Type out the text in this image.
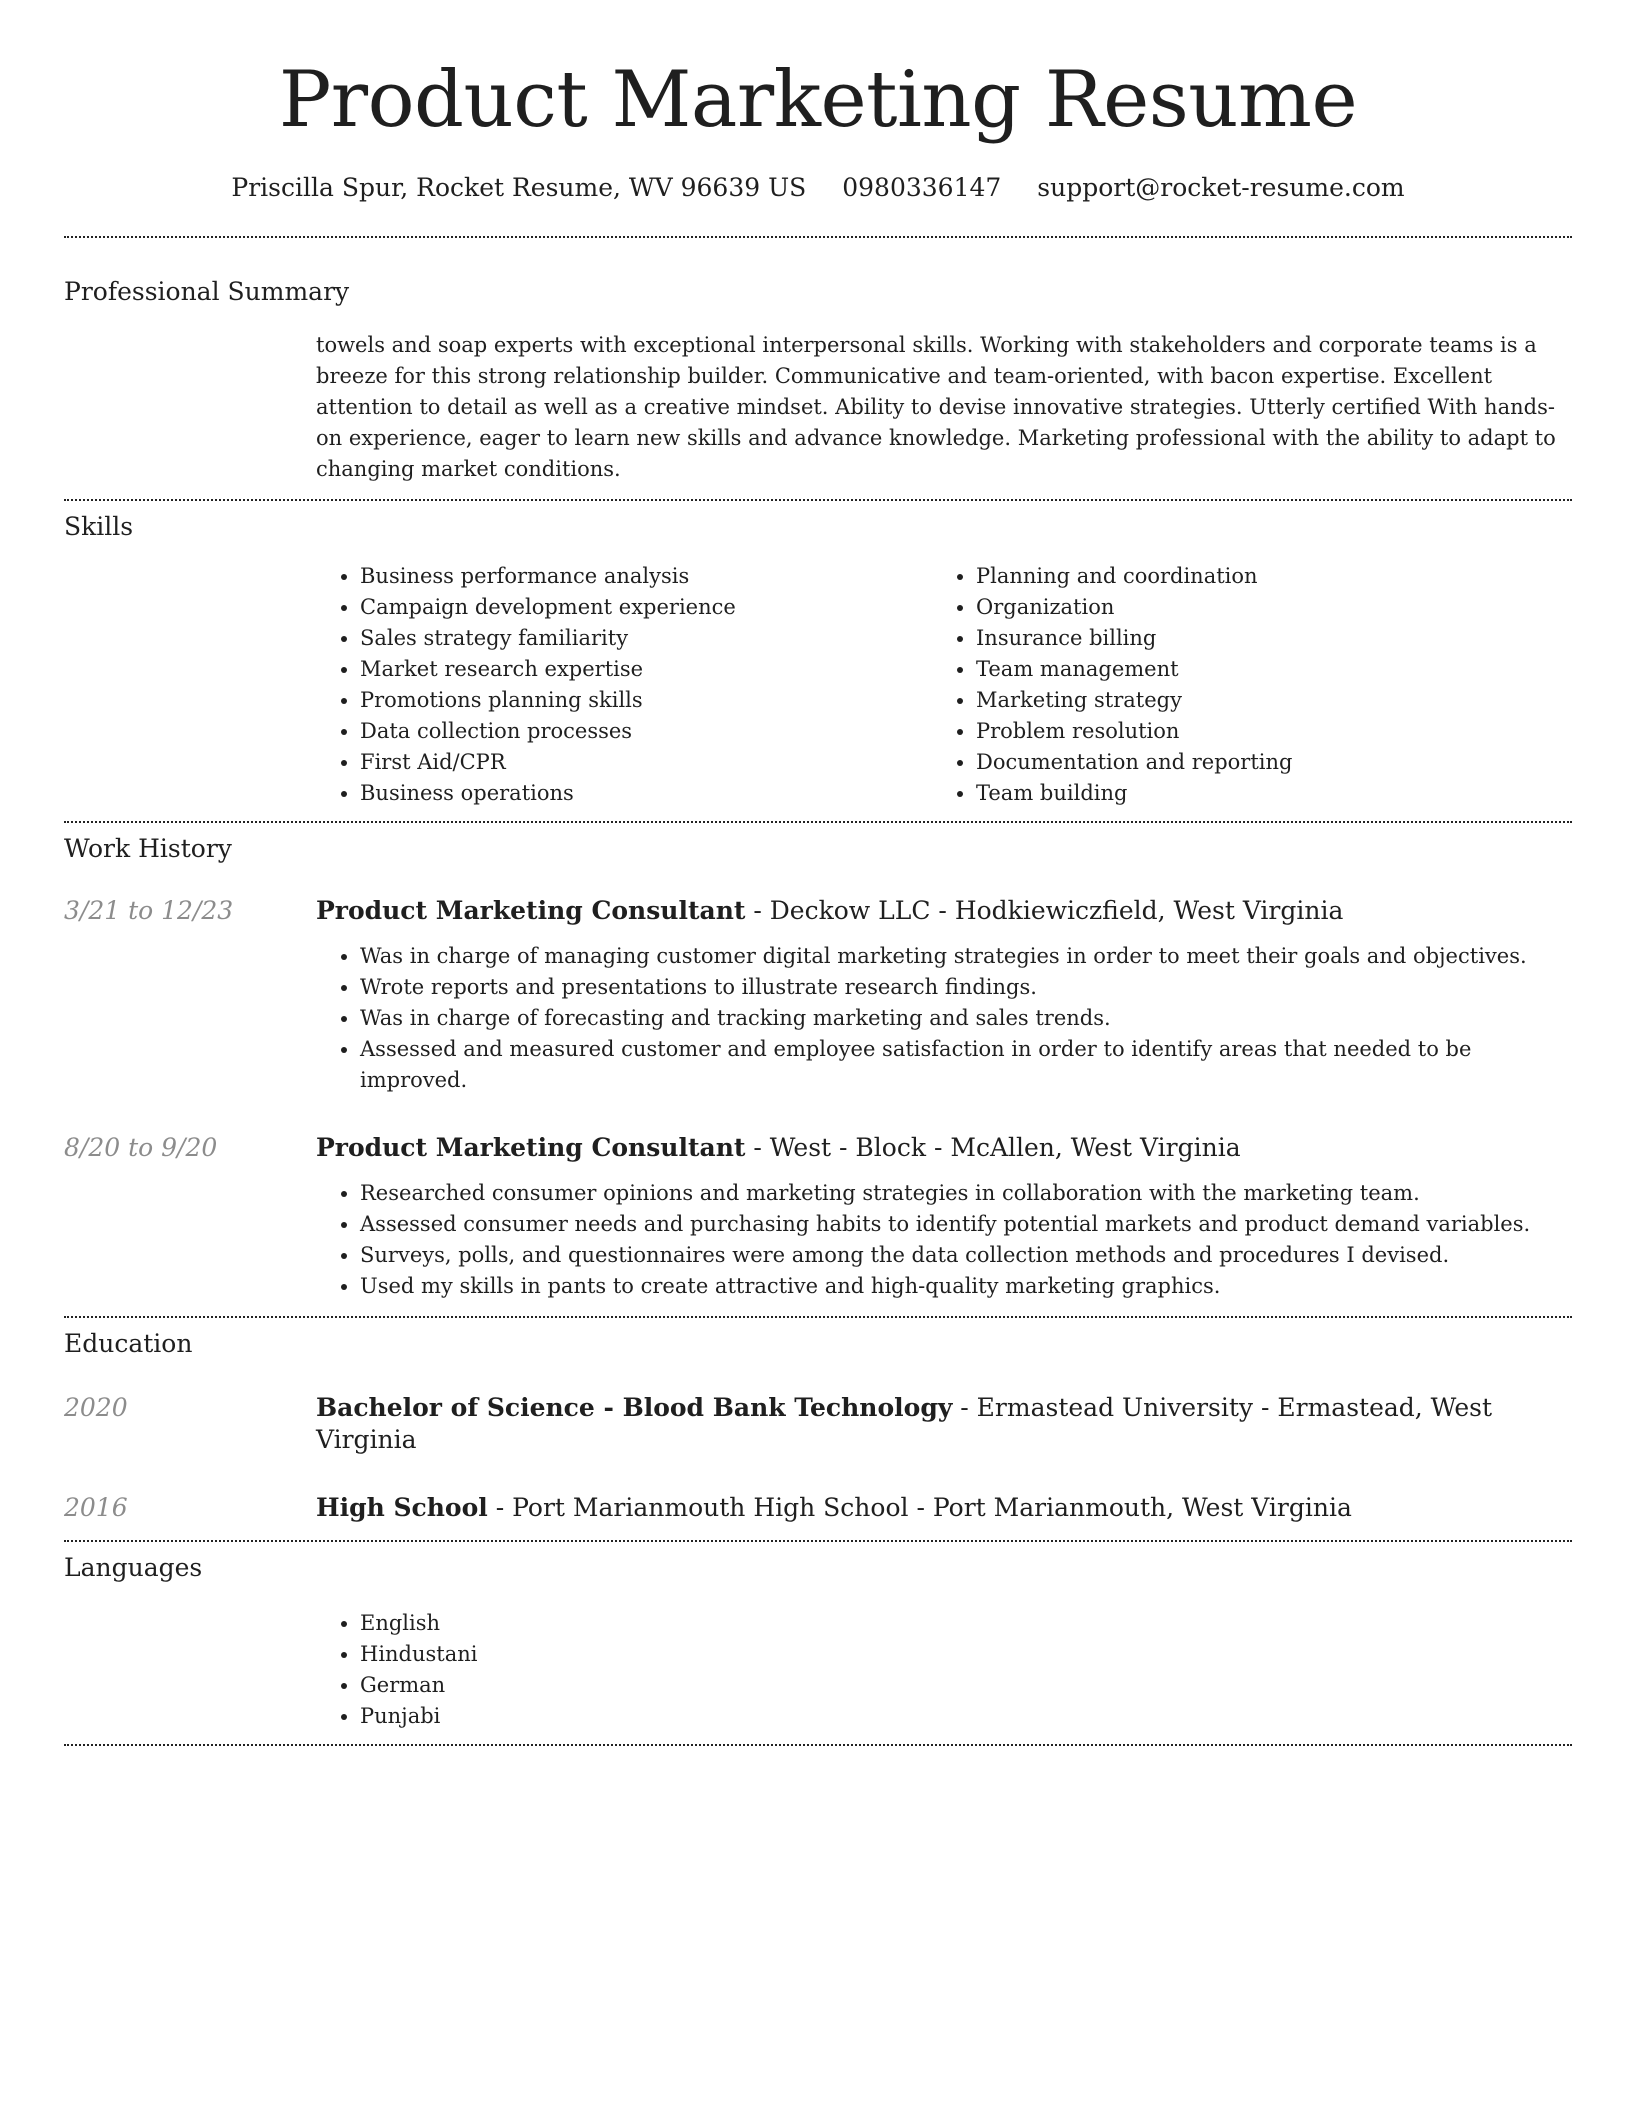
Product Marketing Resume
Priscilla Spur, Rocket Resume, WV 96639 US 0980336147 support@rocket-resume.com
Professional Summary
towels and soap experts with exceptional interpersonal skills. Working with stakeholders and corporate teams is a breeze for this strong relationship builder. Communicative and team-oriented, with bacon expertise. Excellent attention to detail as well as a creative mindset. Ability to devise innovative strategies. Utterly certified With hands-on experience, eager to learn new skills and advance knowledge. Marketing professional with the ability to adapt to changing market conditions.
Skills
• Business performance analysis
• Campaign development experience
• Sales strategy familiarity
• Market research expertise
• Promotions planning skills
• Data collection processes
• First Aid/CPR
• Business operations
• Planning and coordination
• Organization
• Insurance billing
• Team management
• Marketing strategy
• Problem resolution
• Documentation and reporting
• Team building
Work History
3/21 to 12/23	Product Marketing Consultant - Deckow LLC - Hodkiewiczfield, West Virginia
• Was in charge of managing customer digital marketing strategies in order to meet their goals and objectives.
• Wrote reports and presentations to illustrate research findings.
• Was in charge of forecasting and tracking marketing and sales trends.
• Assessed and measured customer and employee satisfaction in order to identify areas that needed to be improved.
8/20 to 9/20	Product Marketing Consultant - West - Block - McAllen, West Virginia
• Researched consumer opinions and marketing strategies in collaboration with the marketing team.
• Assessed consumer needs and purchasing habits to identify potential markets and product demand variables.
• Surveys, polls, and questionnaires were among the data collection methods and procedures I devised.
• Used my skills in pants to create attractive and high-quality marketing graphics.
Education
2020	Bachelor of Science - Blood Bank Technology - Ermastead University - Ermastead, West Virginia
2016	High School - Port Marianmouth High School - Port Marianmouth, West Virginia
Languages
• English
• Hindustani
• German
• Punjabi
